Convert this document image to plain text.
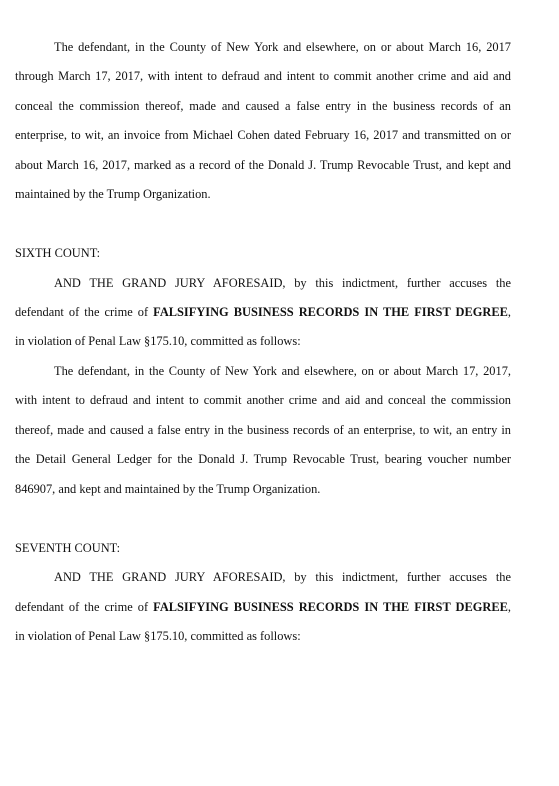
The defendant, in the County of New York and elsewhere, on or about March 16, 2017
through March 17, 2017, with intent to defraud and intent to commit another crime and aid and
conceal the commission thereof, made and caused a false entry in the business records of an
enterprise, to wit, an invoice from Michael Cohen dated February 16, 2017 and transmitted on or
about March 16, 2017, marked as a record of the Donald J. Trump Revocable Trust, and kept and
maintained by the Trump Organization.
SIXTH COUNT:
AND THE GRAND JURY AFORESAID, by this indictment, further accuses the
defendant of the crime of FALSIFYING BUSINESS RECORDS IN THE FIRST DEGREE,
in violation of Penal Law §175.10, committed as follows:
The defendant, in the County of New York and elsewhere, on or about March 17, 2017,
with intent to defraud and intent to commit another crime and aid and conceal the commission
thereof, made and caused a false entry in the business records of an enterprise, to wit, an entry in
the Detail General Ledger for the Donald J. Trump Revocable Trust, bearing voucher number
846907, and kept and maintained by the Trump Organization.
SEVENTH COUNT:
AND THE GRAND JURY AFORESAID, by this indictment, further accuses the
defendant of the crime of FALSIFYING BUSINESS RECORDS IN THE FIRST DEGREE,
in violation of Penal Law §175.10, committed as follows:
